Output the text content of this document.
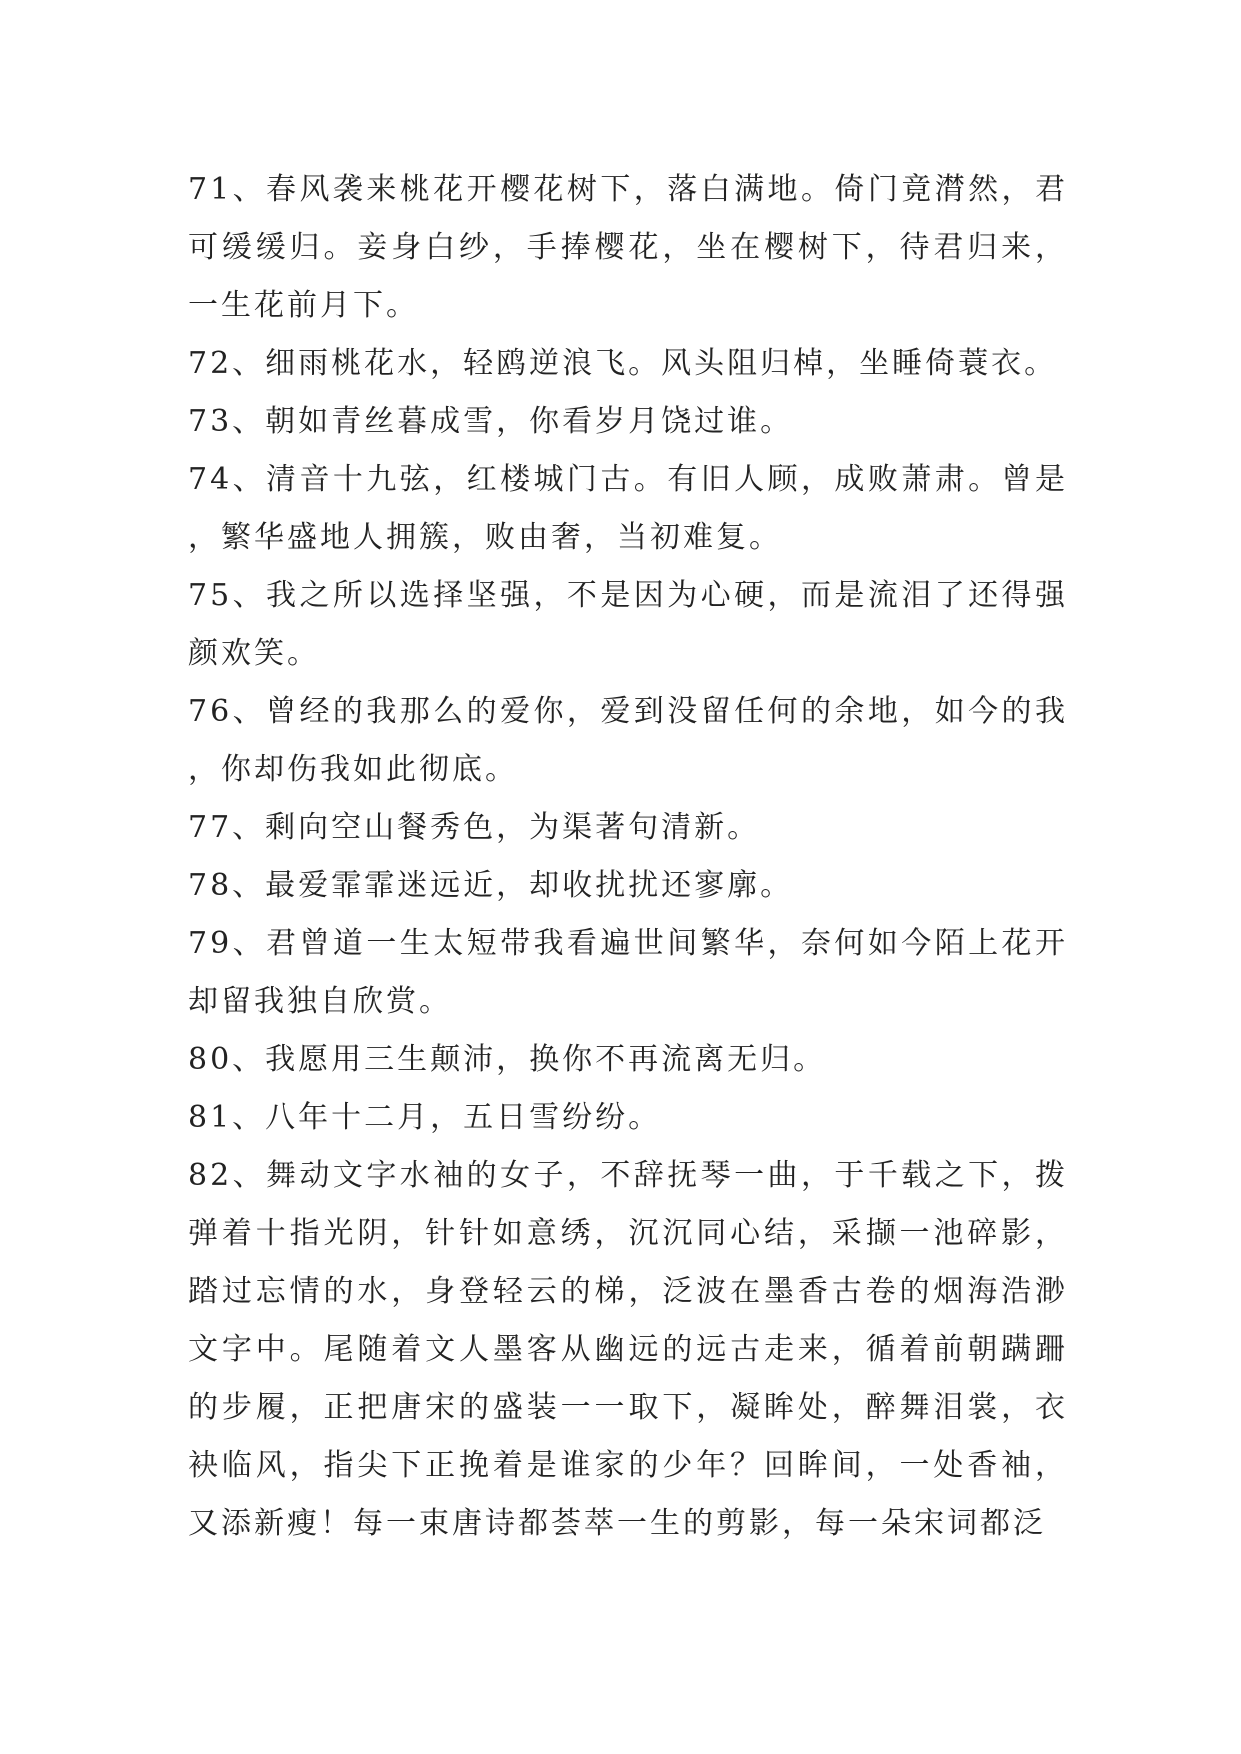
71、春风袭来桃花开樱花树下，落白满地。倚门竟潸然，君可缓缓归。妾身白纱，手捧樱花，坐在樱树下，待君归来，一生花前月下。

72、细雨桃花水，轻鸥逆浪飞。风头阻归棹，坐睡倚蓑衣。

73、朝如青丝暮成雪，你看岁月饶过谁。

74、清音十九弦，红楼城门古。有旧人顾，成败萧肃。曾是，繁华盛地人拥簇，败由奢，当初难复。

75、我之所以选择坚强，不是因为心硬，而是流泪了还得强颜欢笑。

76、曾经的我那么的爱你，爱到没留任何的余地，如今的我，你却伤我如此彻底。

77、剩向空山餐秀色，为渠著句清新。

78、最爱霏霏迷远近，却收扰扰还寥廓。

79、君曾道一生太短带我看遍世间繁华，奈何如今陌上花开却留我独自欣赏。

80、我愿用三生颠沛，换你不再流离无归。

81、八年十二月，五日雪纷纷。

82、舞动文字水袖的女子，不辞抚琴一曲，于千载之下，拨弹着十指光阴，针针如意绣，沉沉同心结，采撷一池碎影，踏过忘情的水，身登轻云的梯，泛波在墨香古卷的烟海浩渺文字中。尾随着文人墨客从幽远的远古走来，循着前朝蹒跚的步履，正把唐宋的盛装一一取下，凝眸处，醉舞泪裳，衣袂临风，指尖下正挽着是谁家的少年？回眸间，一处香袖，又添新瘦！每一束唐诗都荟萃一生的剪影，每一朵宋词都泛
